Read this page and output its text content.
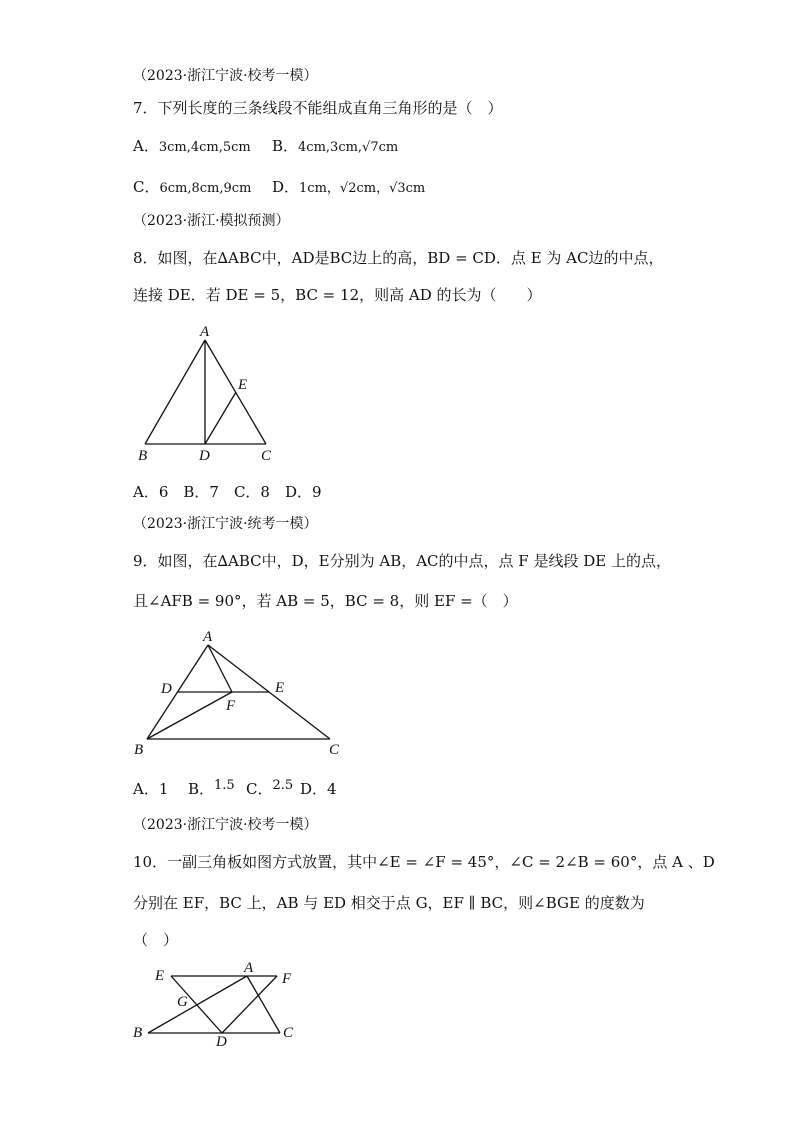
（2023·浙江宁波·校考一模）
7．下列长度的三条线段不能组成直角三角形的是（　）
A．3cm,4cm,5cm B．4cm,3cm,√7cm
C．6cm,8cm,9cm D．1cm，√2cm，√3cm
（2023·浙江·模拟预测）
8．如图，在∆ABC中，AD是BC边上的高，BD = CD．点 E 为 AC边的中点，
连接 DE．若 DE = 5，BC = 12，则高 AD 的长为（　　）
A
E
B	D	C
A．6　B．7　C．8　D．9
（2023·浙江宁波·统考一模）
9．如图，在∆ABC中，D，E分别为 AB，AC的中点，点 F 是线段 DE 上的点，
且∠AFB = 90°，若 AB = 5，BC = 8，则 EF =（　）
A
D	E
F
B	C
A．1 B．1.5 C．2.5 D．4
（2023·浙江宁波·校考一模）
10．一副三角板如图方式放置，其中∠E = ∠F = 45°，∠C = 2∠B = 60°，点 A 、D
分别在 EF，BC 上，AB 与 ED 相交于点 G，EF ∥ BC，则∠BGE 的度数为
（　）
E	A
F
G
B
D
C
